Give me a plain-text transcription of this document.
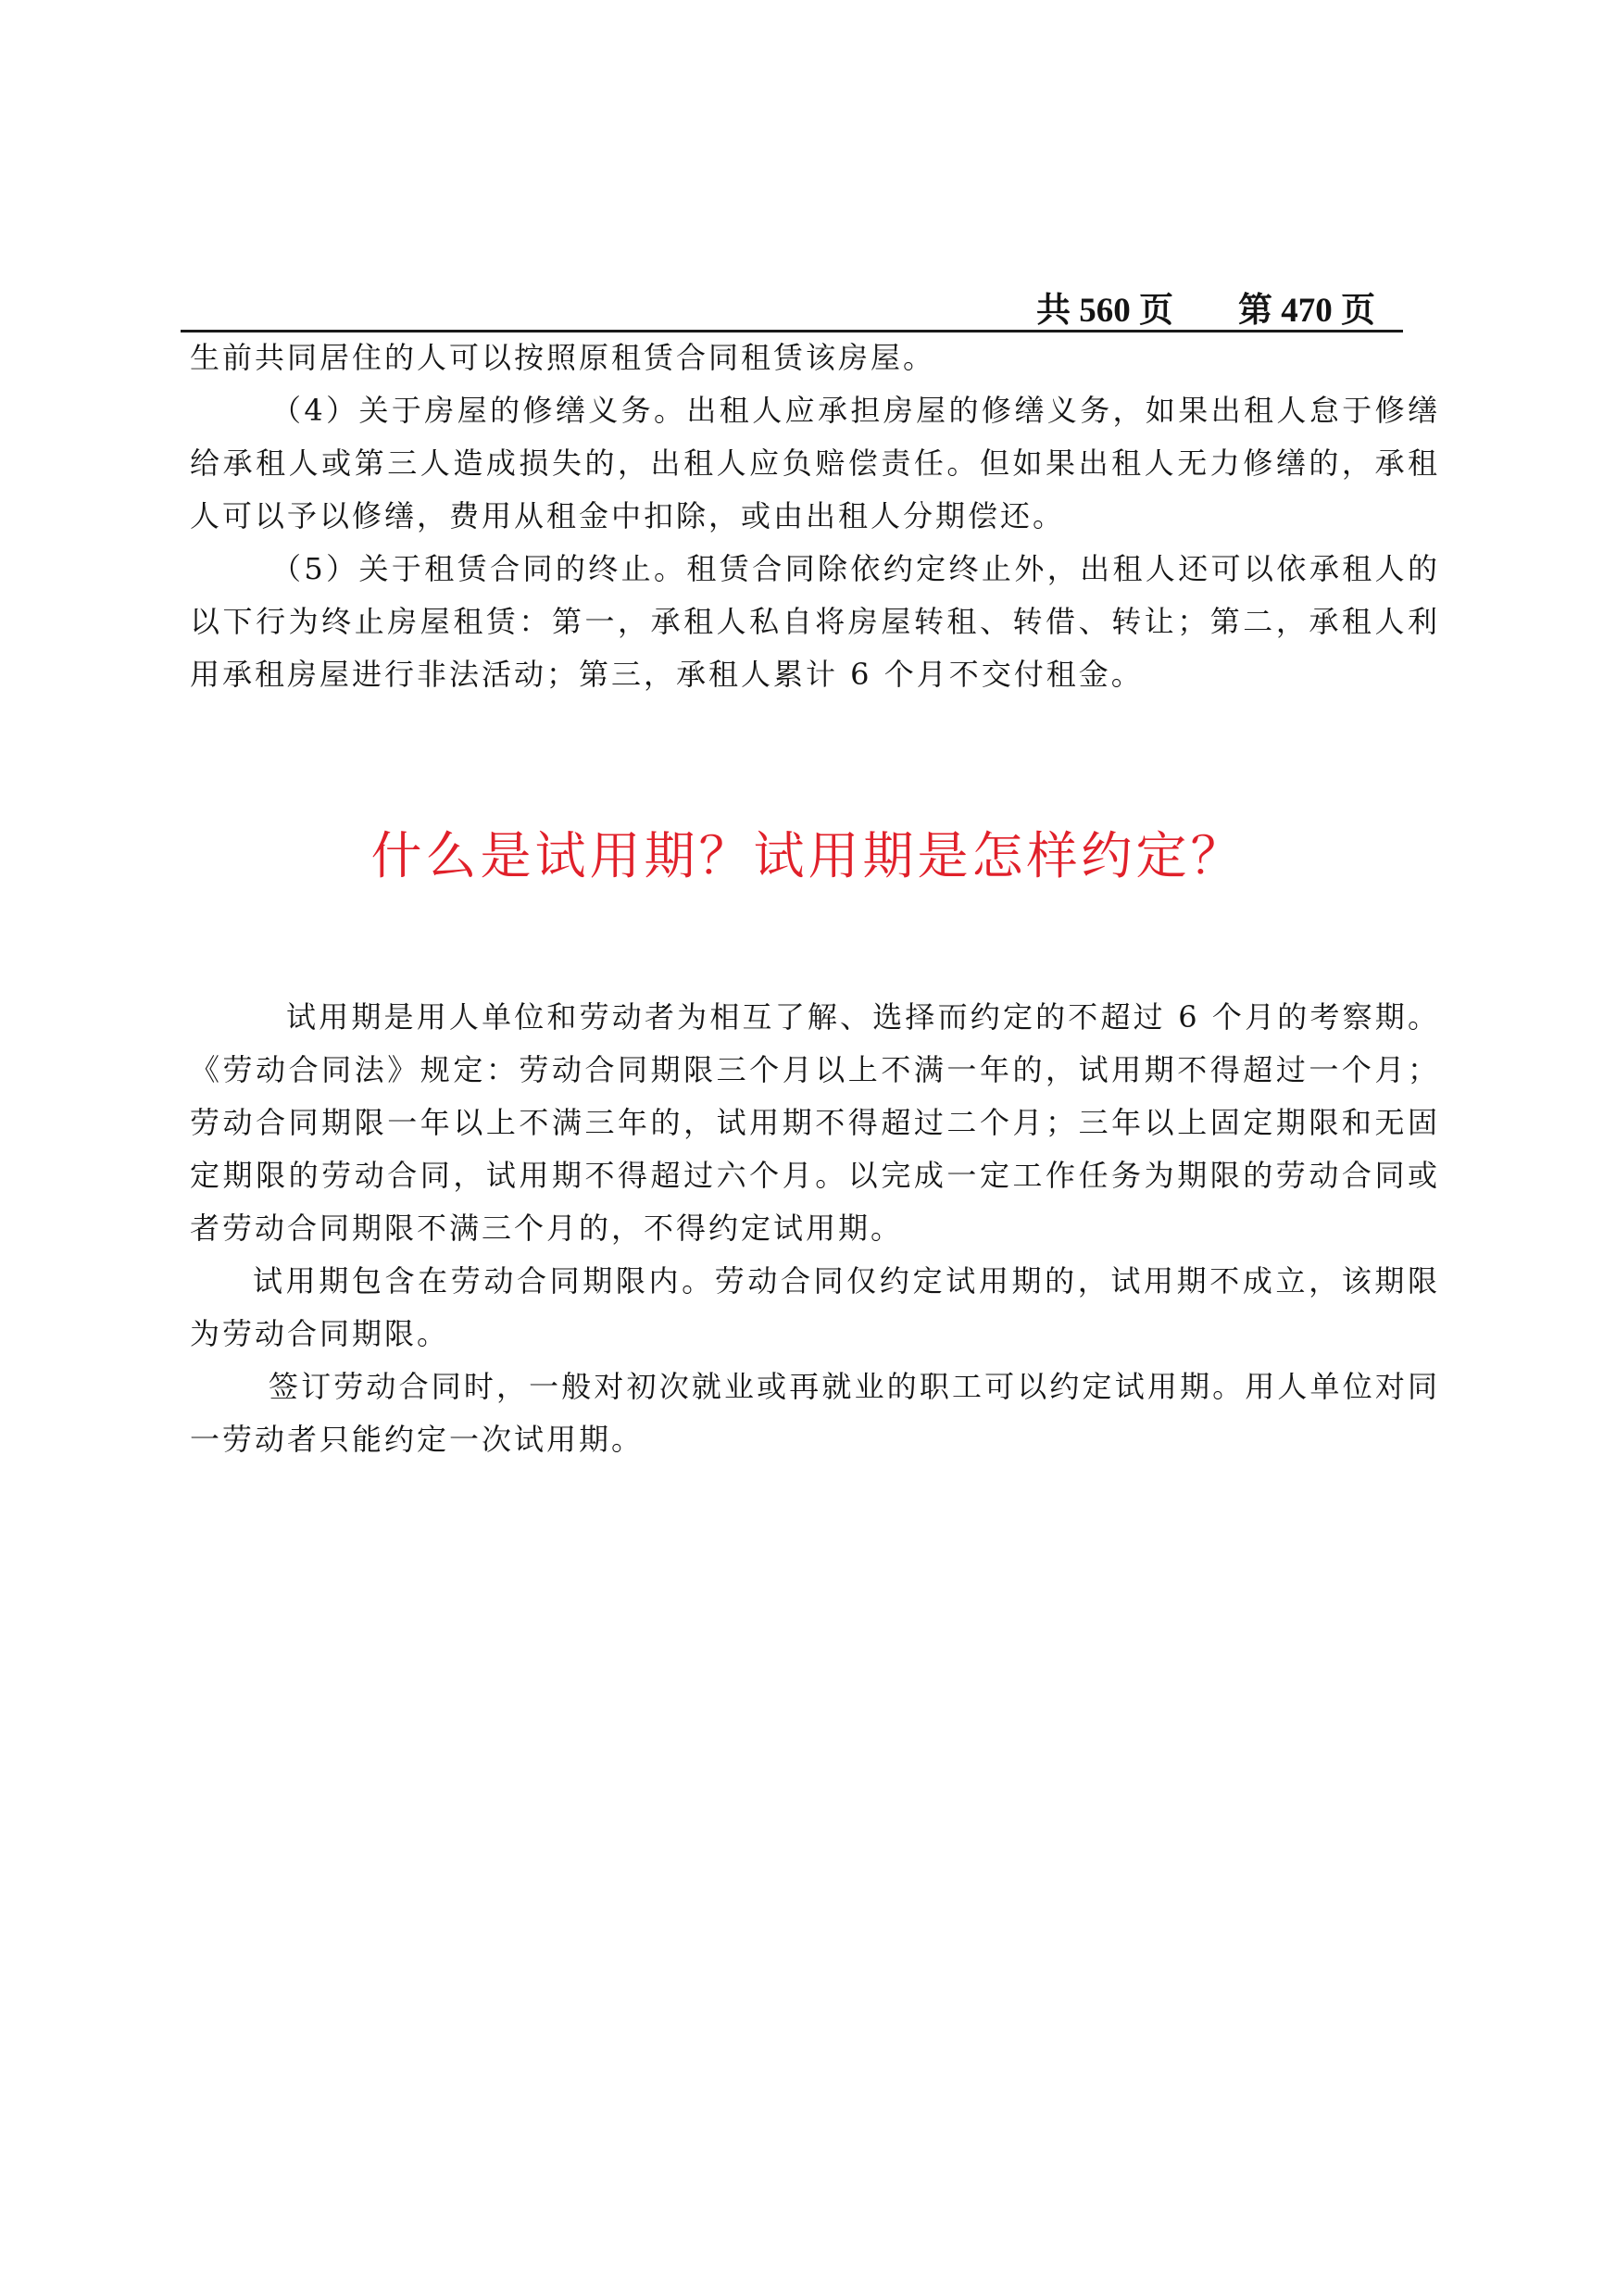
共 560 页 第 470 页

生前共同居住的人可以按照原租赁合同租赁该房屋。

（4）关于房屋的修缮义务。出租人应承担房屋的修缮义务，如果出租人怠于修缮给承租人或第三人造成损失的，出租人应负赔偿责任。但如果出租人无力修缮的，承租人可以予以修缮，费用从租金中扣除，或由出租人分期偿还。

（5）关于租赁合同的终止。租赁合同除依约定终止外，出租人还可以依承租人的以下行为终止房屋租赁：第一，承租人私自将房屋转租、转借、转让；第二，承租人利用承租房屋进行非法活动；第三，承租人累计 6 个月不交付租金。

什么是试用期？试用期是怎样约定？

试用期是用人单位和劳动者为相互了解、选择而约定的不超过 6 个月的考察期。《劳动合同法》规定：劳动合同期限三个月以上不满一年的，试用期不得超过一个月；劳动合同期限一年以上不满三年的，试用期不得超过二个月；三年以上固定期限和无固定期限的劳动合同，试用期不得超过六个月。以完成一定工作任务为期限的劳动合同或者劳动合同期限不满三个月的，不得约定试用期。

试用期包含在劳动合同期限内。劳动合同仅约定试用期的，试用期不成立，该期限为劳动合同期限。

签订劳动合同时，一般对初次就业或再就业的职工可以约定试用期。用人单位对同一劳动者只能约定一次试用期。
